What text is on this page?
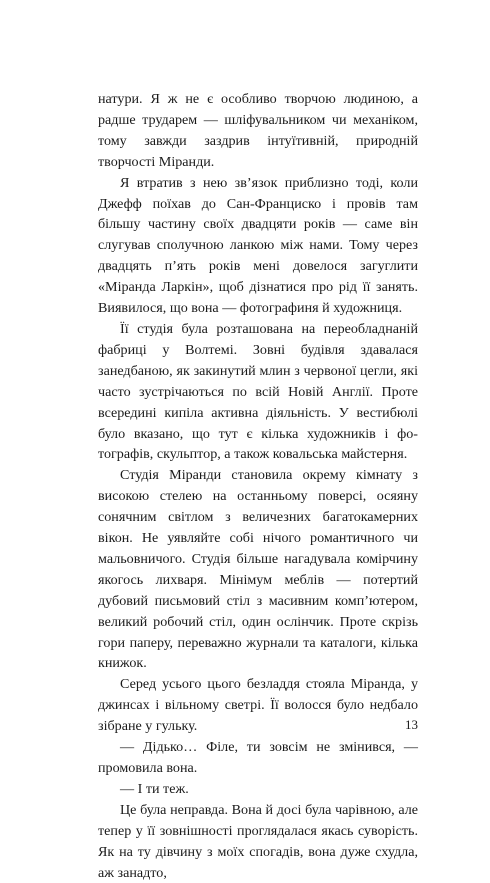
натури. Я ж не є особливо творчою людиною, а радше трударем — шліфувальником чи механіком, тому завжди заздрив інтуїтивній, природній творчості Міранди.

Я втратив з нею зв’язок приблизно тоді, коли Джефф поїхав до Сан-Франциско і провів там більшу частину своїх двадцяти років — саме він слугував сполучною ланкою між нами. Тому через двадцять п’ять років мені довелося загуглити «Міранда Ларкін», щоб дізнатися про рід її занять. Виявилося, що вона — фотографиня й художниця.

Її студія була розташована на переобладнаній фабриці у Волтемі. Зовні будівля здавалася занедбаною, як закинутий млин з червоної цегли, які часто зустрічаються по всій Новій Англії. Проте всередині кипіла активна діяльність. У вестибюлі було вказано, що тут є кілька художників і фотографів, скульптор, а також ковальська майстерня.

Студія Міранди становила окрему кімнату з високою стелею на останньому поверсі, осяяну сонячним світлом з величезних багатокамерних вікон. Не уявляйте собі нічого романтичного чи мальовничого. Студія більше нагадувала комірчину якогось лихваря. Мінімум меблів — потертий дубовий письмовий стіл з масивним комп’ютером, великий робочий стіл, один ослінчик. Проте скрізь гори паперу, переважно журнали та каталоги, кілька книжок.

Серед усього цього безладдя стояла Міранда, у джинсах і вільному светрі. Її волосся було недбало зібране у гульку.

— Дідько… Філе, ти зовсім не змінився, — промовила вона.

— І ти теж.

Це була неправда. Вона й досі була чарівною, але тепер у її зовнішності проглядалася якась суворість. Як на ту дівчину з моїх спогадів, вона дуже схудла, аж занадто,

13
